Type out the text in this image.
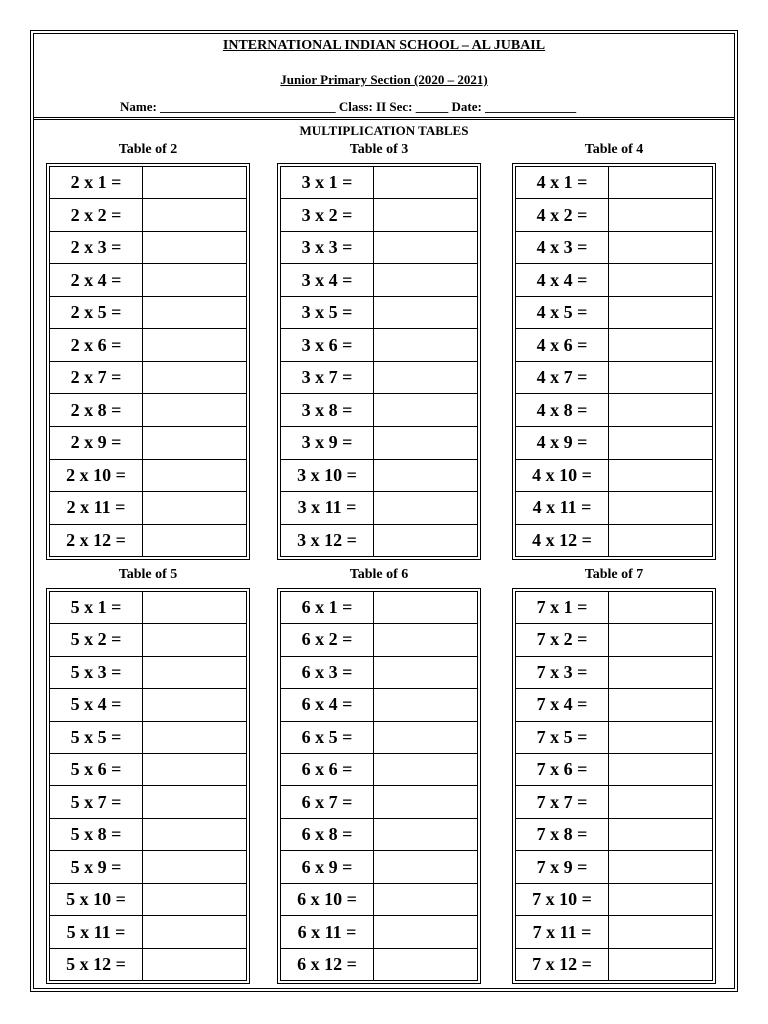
INTERNATIONAL INDIAN SCHOOL – AL JUBAIL
Junior Primary Section (2020 – 2021)
Name: ___________________________ Class: II Sec: _____ Date: ______________
MULTIPLICATION TABLES
Table of 2
2 x 1 =	
2 x 2 =	
2 x 3 =	
2 x 4 =	
2 x 5 =	
2 x 6 =	
2 x 7 =	
2 x 8 =	
2 x 9 =	
2 x 10 =	
2 x 11 =	
2 x 12 =	
Table of 3
3 x 1 =	
3 x 2 =	
3 x 3 =	
3 x 4 =	
3 x 5 =	
3 x 6 =	
3 x 7 =	
3 x 8 =	
3 x 9 =	
3 x 10 =	
3 x 11 =	
3 x 12 =	
Table of 4
4 x 1 =	
4 x 2 =	
4 x 3 =	
4 x 4 =	
4 x 5 =	
4 x 6 =	
4 x 7 =	
4 x 8 =	
4 x 9 =	
4 x 10 =	
4 x 11 =	
4 x 12 =	
Table of 5
5 x 1 =	
5 x 2 =	
5 x 3 =	
5 x 4 =	
5 x 5 =	
5 x 6 =	
5 x 7 =	
5 x 8 =	
5 x 9 =	
5 x 10 =	
5 x 11 =	
5 x 12 =	
Table of 6
6 x 1 =	
6 x 2 =	
6 x 3 =	
6 x 4 =	
6 x 5 =	
6 x 6 =	
6 x 7 =	
6 x 8 =	
6 x 9 =	
6 x 10 =	
6 x 11 =	
6 x 12 =	
Table of 7
7 x 1 =	
7 x 2 =	
7 x 3 =	
7 x 4 =	
7 x 5 =	
7 x 6 =	
7 x 7 =	
7 x 8 =	
7 x 9 =	
7 x 10 =	
7 x 11 =	
7 x 12 =	
